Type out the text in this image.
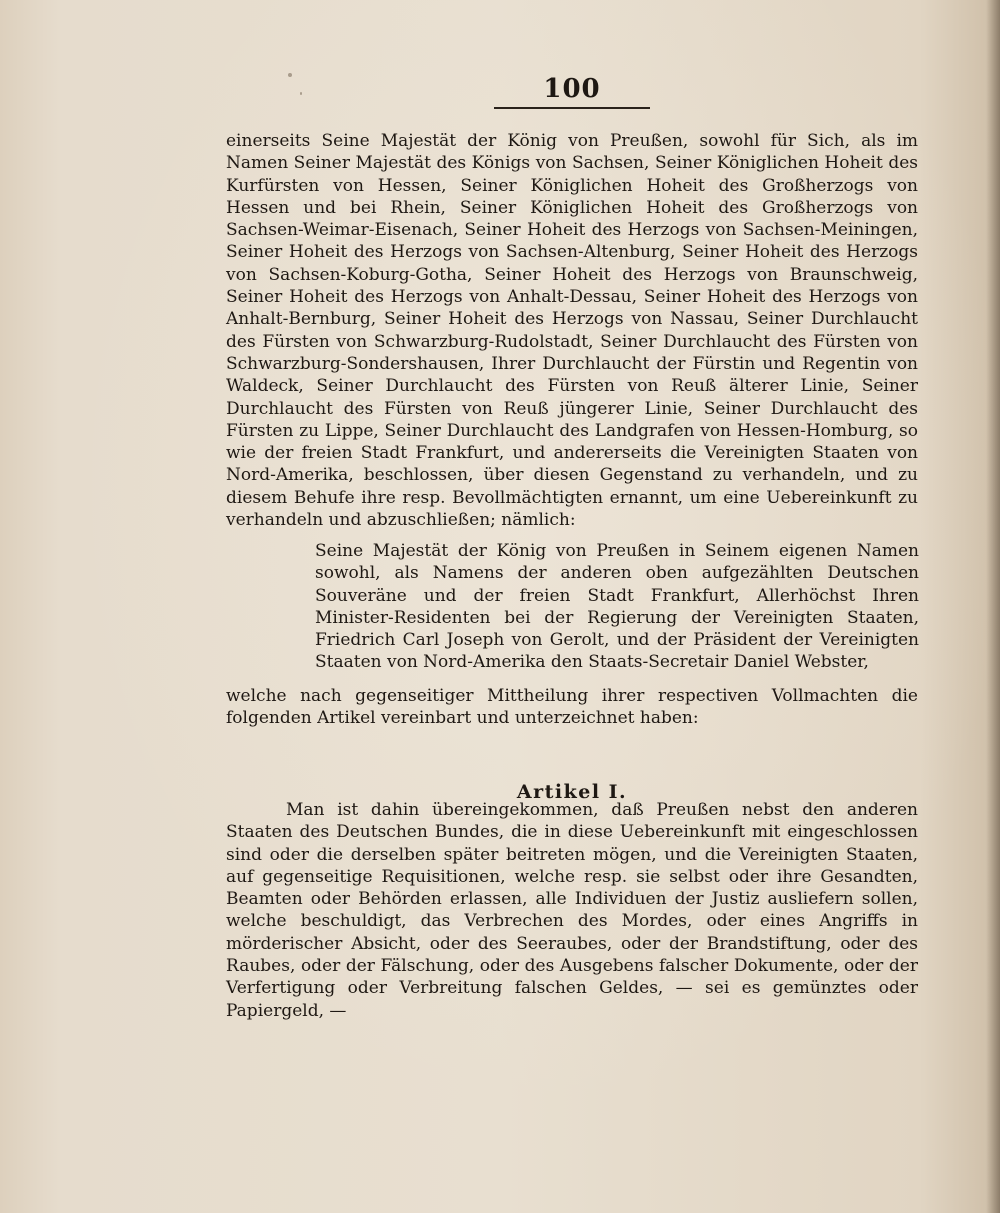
100
einerseits Seine Majestät der König von Preußen, sowohl für Sich, als im Namen Seiner Majestät des Königs von Sachsen, Seiner Königlichen Hoheit des Kurfürsten von Hessen, Seiner Königlichen Hoheit des Großherzogs von Hessen und bei Rhein, Seiner Königlichen Hoheit des Großherzogs von Sachsen-Weimar-Eisenach, Seiner Hoheit des Herzogs von Sachsen-Meiningen, Seiner Hoheit des Herzogs von Sachsen-Altenburg, Seiner Hoheit des Herzogs von Sachsen-Koburg-Gotha, Seiner Hoheit des Herzogs von Braunschweig, Seiner Hoheit des Herzogs von Anhalt-Dessau, Seiner Hoheit des Herzogs von Anhalt-Bernburg, Seiner Hoheit des Herzogs von Nassau, Seiner Durchlaucht des Fürsten von Schwarzburg-Rudolstadt, Seiner Durchlaucht des Fürsten von Schwarzburg-Sondershausen, Ihrer Durchlaucht der Fürstin und Regentin von Waldeck, Seiner Durchlaucht des Fürsten von Reuß älterer Linie, Seiner Durchlaucht des Fürsten von Reuß jüngerer Linie, Seiner Durchlaucht des Fürsten zu Lippe, Seiner Durchlaucht des Landgrafen von Hessen-Homburg, so wie der freien Stadt Frankfurt, und andererseits die Vereinigten Staaten von Nord-Amerika, beschlossen, über diesen Gegenstand zu verhandeln, und zu diesem Behufe ihre resp. Bevollmächtigten ernannt, um eine Uebereinkunft zu verhandeln und abzuschließen; nämlich:
Seine Majestät der König von Preußen in Seinem eigenen Namen sowohl, als Namens der anderen oben aufgezählten Deutschen Souveräne und der freien Stadt Frankfurt, Allerhöchst Ihren Minister-Residenten bei der Regierung der Vereinigten Staaten, Friedrich Carl Joseph von Gerolt, und der Präsident der Vereinigten Staaten von Nord-Amerika den Staats-Secretair Daniel Webster,
welche nach gegenseitiger Mittheilung ihrer respectiven Vollmachten die folgenden Artikel vereinbart und unterzeichnet haben:
Artikel I.
Man ist dahin übereingekommen, daß Preußen nebst den anderen Staaten des Deutschen Bundes, die in diese Uebereinkunft mit eingeschlossen sind oder die derselben später beitreten mögen, und die Vereinigten Staaten, auf gegenseitige Requisitionen, welche resp. sie selbst oder ihre Gesandten, Beamten oder Behörden erlassen, alle Individuen der Justiz ausliefern sollen, welche beschuldigt, das Verbrechen des Mordes, oder eines Angriffs in mörderischer Absicht, oder des Seeraubes, oder der Brandstiftung, oder des Raubes, oder der Fälschung, oder des Ausgebens falscher Dokumente, oder der Verfertigung oder Verbreitung falschen Geldes, — sei es gemünztes oder Papiergeld, —
